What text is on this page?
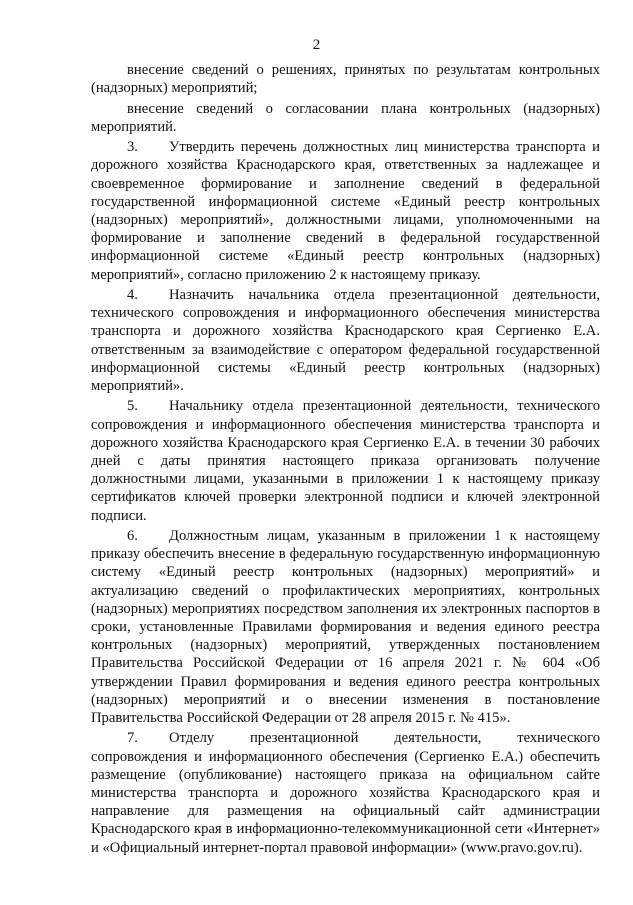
2

внесение сведений о решениях, принятых по результатам контрольных (надзорных) мероприятий;

внесение сведений о согласовании плана контрольных (надзорных) мероприятий.

3. Утвердить перечень должностных лиц министерства транспорта и дорожного хозяйства Краснодарского края, ответственных за надлежащее и своевременное формирование и заполнение сведений в федеральной государственной информационной системе «Единый реестр контрольных (надзорных) мероприятий», должностными лицами, уполномоченными на формирование и заполнение сведений в федеральной государственной информационной системе «Единый реестр контрольных (надзорных) мероприятий», согласно приложению 2 к настоящему приказу.

4. Назначить начальника отдела презентационной деятельности, технического сопровождения и информационного обеспечения министерства транспорта и дорожного хозяйства Краснодарского края Сергиенко Е.А. ответственным за взаимодействие с оператором федеральной государственной информационной системы «Единый реестр контрольных (надзорных) мероприятий».

5. Начальнику отдела презентационной деятельности, технического сопровождения и информационного обеспечения министерства транспорта и дорожного хозяйства Краснодарского края Сергиенко Е.А. в течении 30 рабочих дней с даты принятия настоящего приказа организовать получение должностными лицами, указанными в приложении 1 к настоящему приказу сертификатов ключей проверки электронной подписи и ключей электронной подписи.

6. Должностным лицам, указанным в приложении 1 к настоящему приказу обеспечить внесение в федеральную государственную информационную систему «Единый реестр контрольных (надзорных) мероприятий» и актуализацию сведений о профилактических мероприятиях, контрольных (надзорных) мероприятиях посредством заполнения их электронных паспортов в сроки, установленные Правилами формирования и ведения единого реестра контрольных (надзорных) мероприятий, утвержденных постановлением Правительства Российской Федерации от 16 апреля 2021 г. № 604 «Об утверждении Правил формирования и ведения единого реестра контрольных (надзорных) мероприятий и о внесении изменения в постановление Правительства Российской Федерации от 28 апреля 2015 г. № 415».

7. Отделу презентационной деятельности, технического сопровождения и информационного обеспечения (Сергиенко Е.А.) обеспечить размещение (опубликование) настоящего приказа на официальном сайте министерства транспорта и дорожного хозяйства Краснодарского края и направление для размещения на официальный сайт администрации Краснодарского края в информационно-телекоммуникационной сети «Интернет» и «Официальный интернет-портал правовой информации» (www.pravo.gov.ru).
